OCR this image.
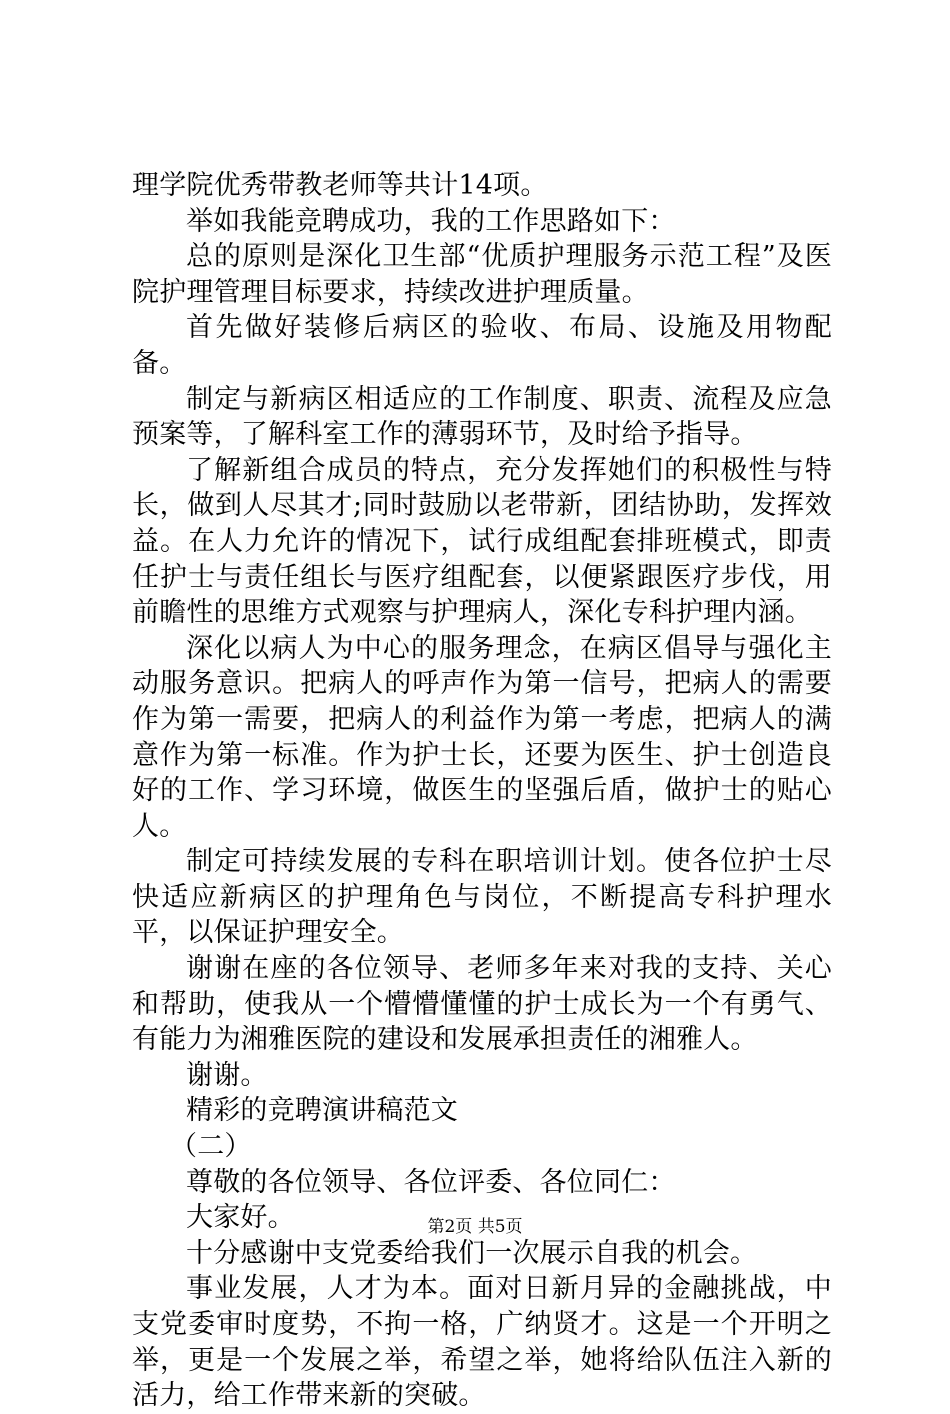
理学院优秀带教老师等共计14项。

举如我能竞聘成功，我的工作思路如下：

总的原则是深化卫生部“优质护理服务示范工程”及医院护理管理目标要求，持续改进护理质量。

首先做好装修后病区的验收、布局、设施及用物配备。

制定与新病区相适应的工作制度、职责、流程及应急预案等，了解科室工作的薄弱环节，及时给予指导。

了解新组合成员的特点，充分发挥她们的积极性与特长，做到人尽其才;同时鼓励以老带新，团结协助，发挥效益。在人力允许的情况下，试行成组配套排班模式，即责任护士与责任组长与医疗组配套，以便紧跟医疗步伐，用前瞻性的思维方式观察与护理病人，深化专科护理内涵。

深化以病人为中心的服务理念，在病区倡导与强化主动服务意识。把病人的呼声作为第一信号，把病人的需要作为第一需要，把病人的利益作为第一考虑，把病人的满意作为第一标准。作为护士长，还要为医生、护士创造良好的工作、学习环境，做医生的坚强后盾，做护士的贴心人。

制定可持续发展的专科在职培训计划。使各位护士尽快适应新病区的护理角色与岗位，不断提高专科护理水平，以保证护理安全。

谢谢在座的各位领导、老师多年来对我的支持、关心和帮助，使我从一个懵懵懂懂的护士成长为一个有勇气、有能力为湘雅医院的建设和发展承担责任的湘雅人。

谢谢。

精彩的竞聘演讲稿范文

（二）

尊敬的各位领导、各位评委、各位同仁：

大家好。

十分感谢中支党委给我们一次展示自我的机会。

事业发展，人才为本。面对日新月异的金融挑战，中支党委审时度势，不拘一格，广纳贤才。这是一个开明之举，更是一个发展之举，希望之举，她将给队伍注入新的活力，给工作带来新的突破。

第2页 共5页
